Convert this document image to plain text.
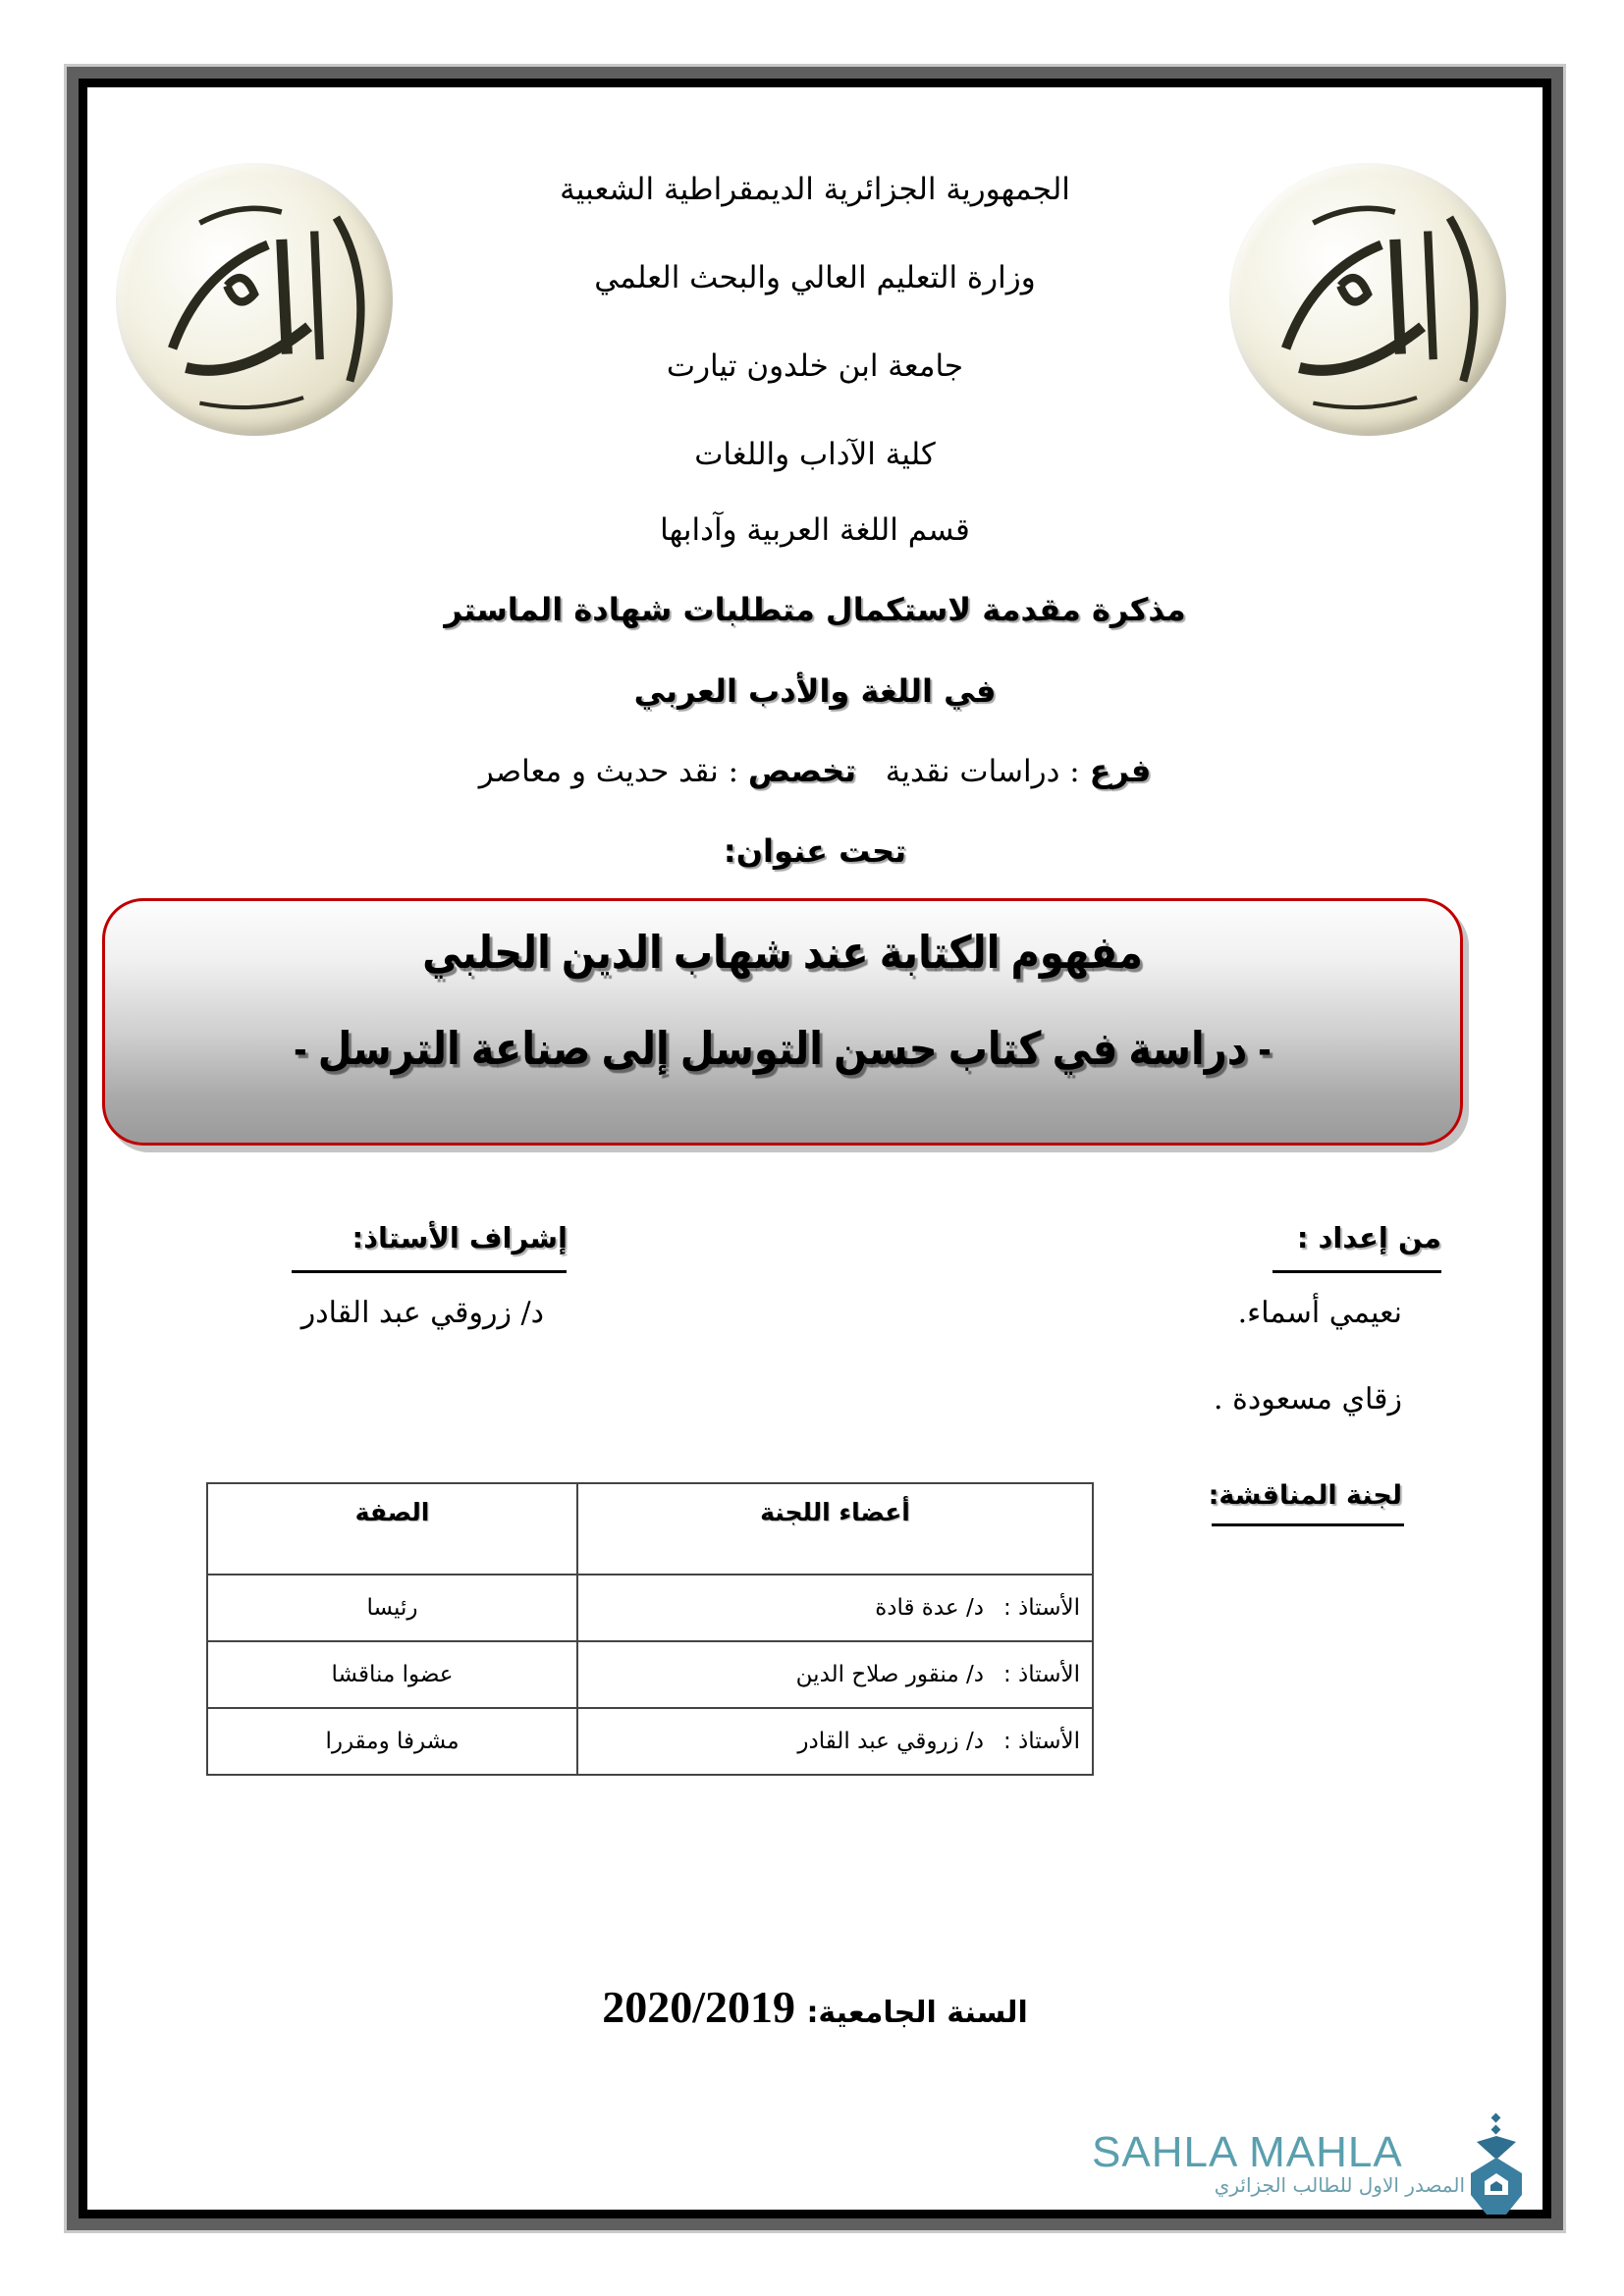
الجمهورية الجزائرية الديمقراطية الشعبية
وزارة التعليم العالي والبحث العلمي
جامعة ابن خلدون تيارت
كلية الآداب واللغات
قسم اللغة العربية وآدابها
مذكرة مقدمة لاستكمال متطلبات شهادة الماستر
في اللغة والأدب العربي
فرع : دراسات نقدية   تخصص : نقد حديث و معاصر
تحت عنوان:
مفهوم الكتابة عند شهاب الدين الحلبي
- دراسة في كتاب حسن التوسل إلى صناعة الترسل -
من إعداد :
نعيمي أسماء.
زقاي مسعودة .
إشراف الأستاذ:
د/ زروقي عبد القادر
لجنة المناقشة:
أعضاء اللجنة	الصفة
الأستاذ :د/ عدة قادة	رئيسا
الأستاذ :د/ منقور صلاح الدين	عضوا مناقشا
الأستاذ :د/ زروقي عبد القادر	مشرفا ومقررا
السنة الجامعية: 2020/2019
SAHLA MAHLA
المصدر الاول للطالب الجزائري
